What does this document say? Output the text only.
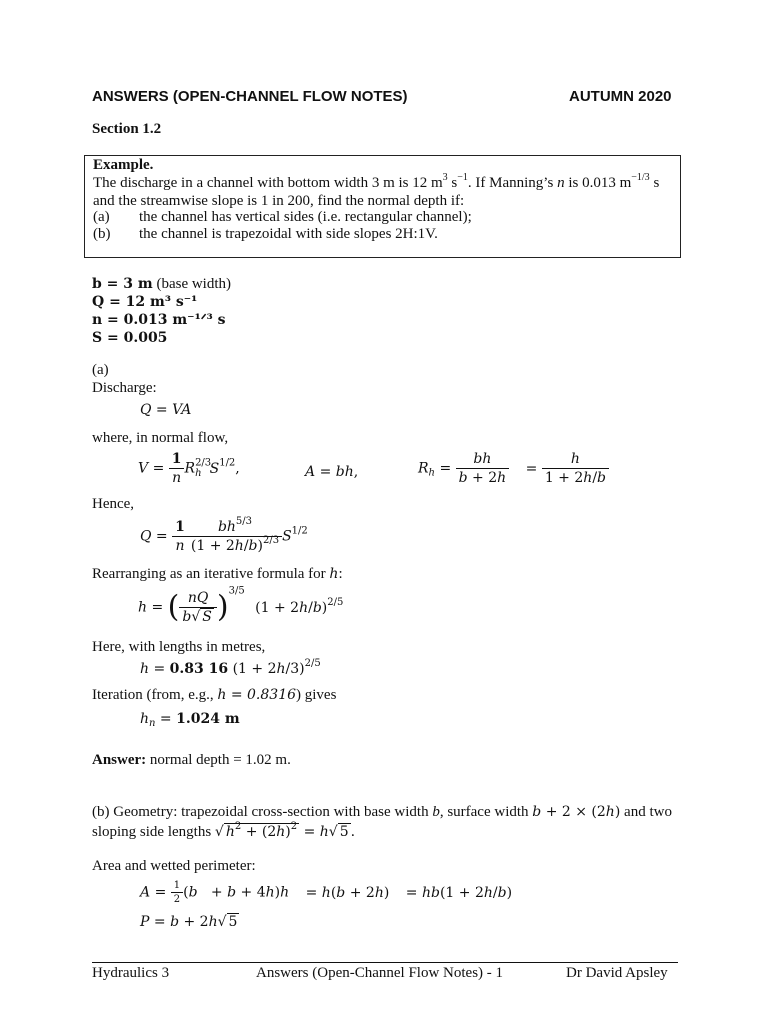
ANSWERS (OPEN-CHANNEL FLOW NOTES)	AUTUMN 2020
Section 1.2
Example.
The discharge in a channel with bottom width 3 m is 12 $m^3$ $s^{-1}$. If Manning’s n is 0.013 $m^{-1/3}$ s
and the streamwise slope is 1 in 200, find the normal depth if:
(a) the channel has vertical sides (i.e. rectangular channel);
(b) the channel is trapezoidal with side slopes 2H:1V.
b = 3 m (base width)
Q = 12 m³ s⁻¹
n = 0.013 m⁻¹ᐟ³ s
S = 0.005
(a)
Discharge:
Q = VA
where, in normal flow,
$V = \frac{1}{n} R^{2/3}_h$ $S^{1/2}$,	A = bh,	$R_h = \frac{bh}{b + 2h} = \frac{h}{1 + 2h/b}$
Hence,
$Q = \frac{1}{n} \frac{bh^{5/3}}{(1 + 2h/b)^{2/3}} S^{1/2}$
Rearranging as an iterative formula for h:
h = ( $\frac{nQ}{b√ S} )^{3/5}$ $(1 + 2h/b)^{2/5}$
Here, with lengths in metres,
h = 0.83 16 $(1 + 2h/3)^{2/5}$
Iteration (from, e.g., h = 0.8316) gives
$h_n = 1.024$ m
Answer: normal depth = 1.02 m.
(b) Geometry: trapezoidal cross-section with base width b, surface width b + 2 × (2h) and two
sloping side lengths √ $h^2 + (2h)^2 = h√$ 5 .
Area and wetted perimeter:
$A = \frac{1}{2} (b + b + 4h)h = h(b + 2h) = hb(1 + 2h/b)$
P = b + 2h√ 5
Hydraulics 3	Answers (Open-Channel Flow Notes) - 1	Dr David Apsley
